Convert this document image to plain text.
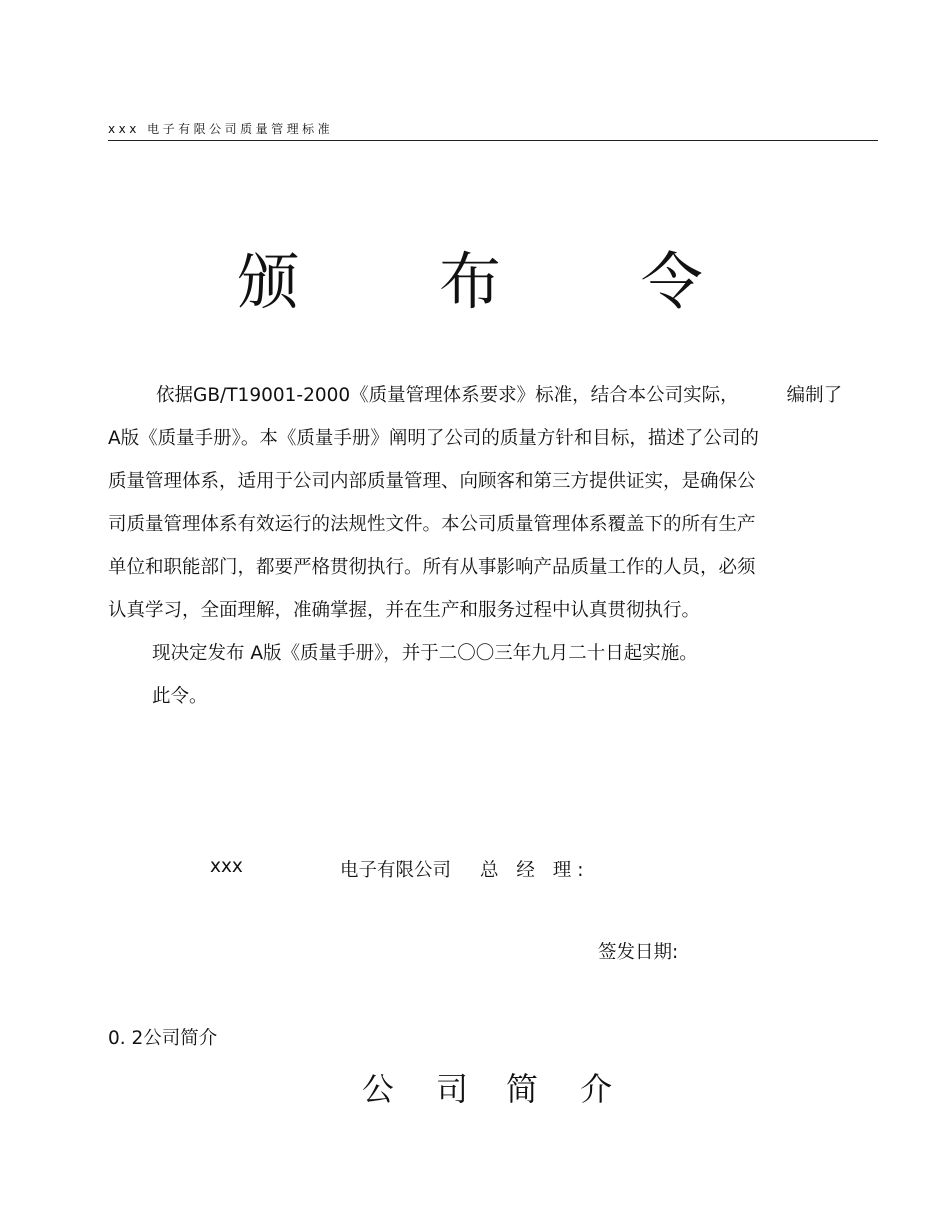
xxx 电子有限公司质量管理标准
颁 布 令
依据GB/T19001-2000《质量管理体系要求》标准，结合本公司实际，	编制了
A版《质量手册》。本《质量手册》阐明了公司的质量方针和目标，描述了公司的
质量管理体系，适用于公司内部质量管理、向顾客和第三方提供证实，是确保公
司质量管理体系有效运行的法规性文件。本公司质量管理体系覆盖下的所有生产
单位和职能部门，都要严格贯彻执行。所有从事影响产品质量工作的人员，必须
认真学习，全面理解，准确掌握，并在生产和服务过程中认真贯彻执行。
现决定发布 A版《质量手册》，并于二〇〇三年九月二十日起实施。
此令。
xxx	电子有限公司 总 经 理:
签发日期:
0. 2公司简介
公 司 简 介
